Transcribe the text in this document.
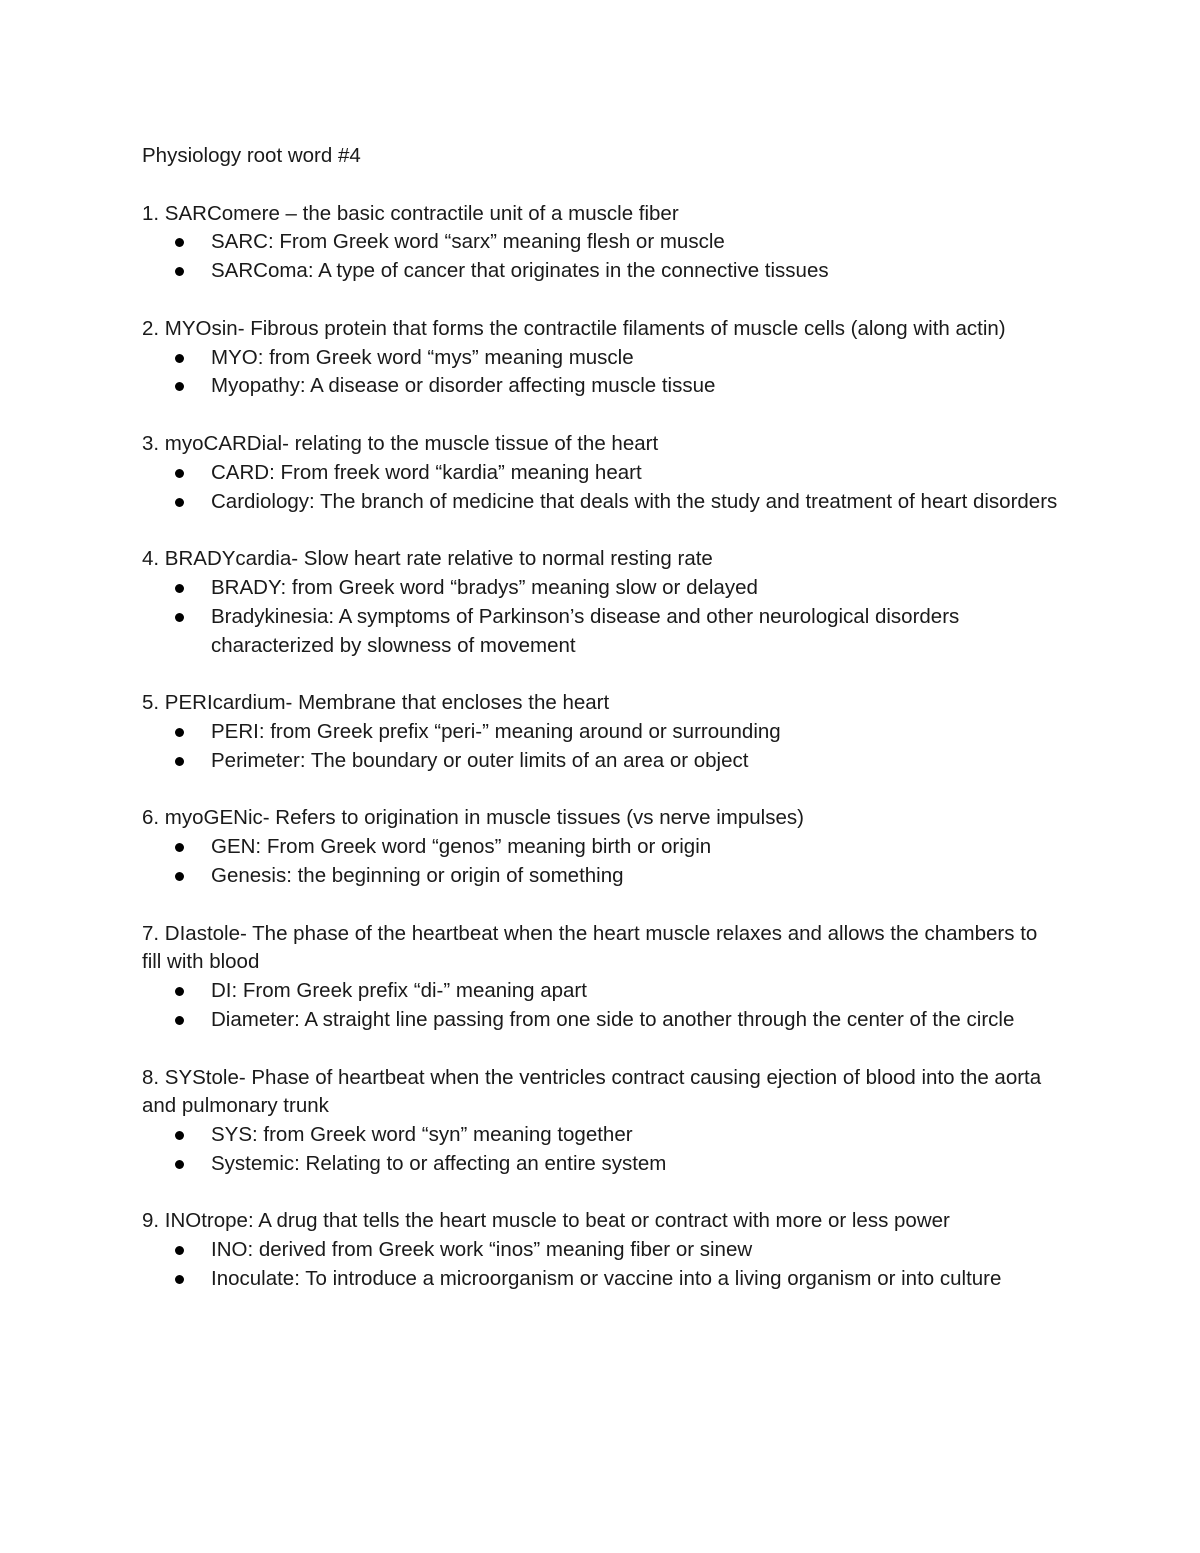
Physiology root word #4

1. SARComere – the basic contractile unit of a muscle fiber

SARC: From Greek word “sarx” meaning flesh or muscle
SARComa: A type of cancer that originates in the connective tissues

2. MYOsin- Fibrous protein that forms the contractile filaments of muscle cells (along with actin)

MYO: from Greek word “mys” meaning muscle
Myopathy: A disease or disorder affecting muscle tissue

3. myoCARDial- relating to the muscle tissue of the heart

CARD: From freek word “kardia” meaning heart
Cardiology: The branch of medicine that deals with the study and treatment of heart disorders

4. BRADYcardia- Slow heart rate relative to normal resting rate

BRADY: from Greek word “bradys” meaning slow or delayed
Bradykinesia: A symptoms of Parkinson’s disease and other neurological disorders characterized by slowness of movement

5. PERIcardium- Membrane that encloses the heart

PERI: from Greek prefix “peri-” meaning around or surrounding
Perimeter: The boundary or outer limits of an area or object

6. myoGENic- Refers to origination in muscle tissues (vs nerve impulses)

GEN: From Greek word “genos” meaning birth or origin
Genesis: the beginning or origin of something

7. DIastole- The phase of the heartbeat when the heart muscle relaxes and allows the chambers to fill with blood

DI: From Greek prefix “di-” meaning apart
Diameter: A straight line passing from one side to another through the center of the circle

8. SYStole- Phase of heartbeat when the ventricles contract causing ejection of blood into the aorta and pulmonary trunk

SYS: from Greek word “syn” meaning together
Systemic: Relating to or affecting an entire system

9. INOtrope: A drug that tells the heart muscle to beat or contract with more or less power

INO: derived from Greek work “inos” meaning fiber or sinew
Inoculate: To introduce a microorganism or vaccine into a living organism or into culture
